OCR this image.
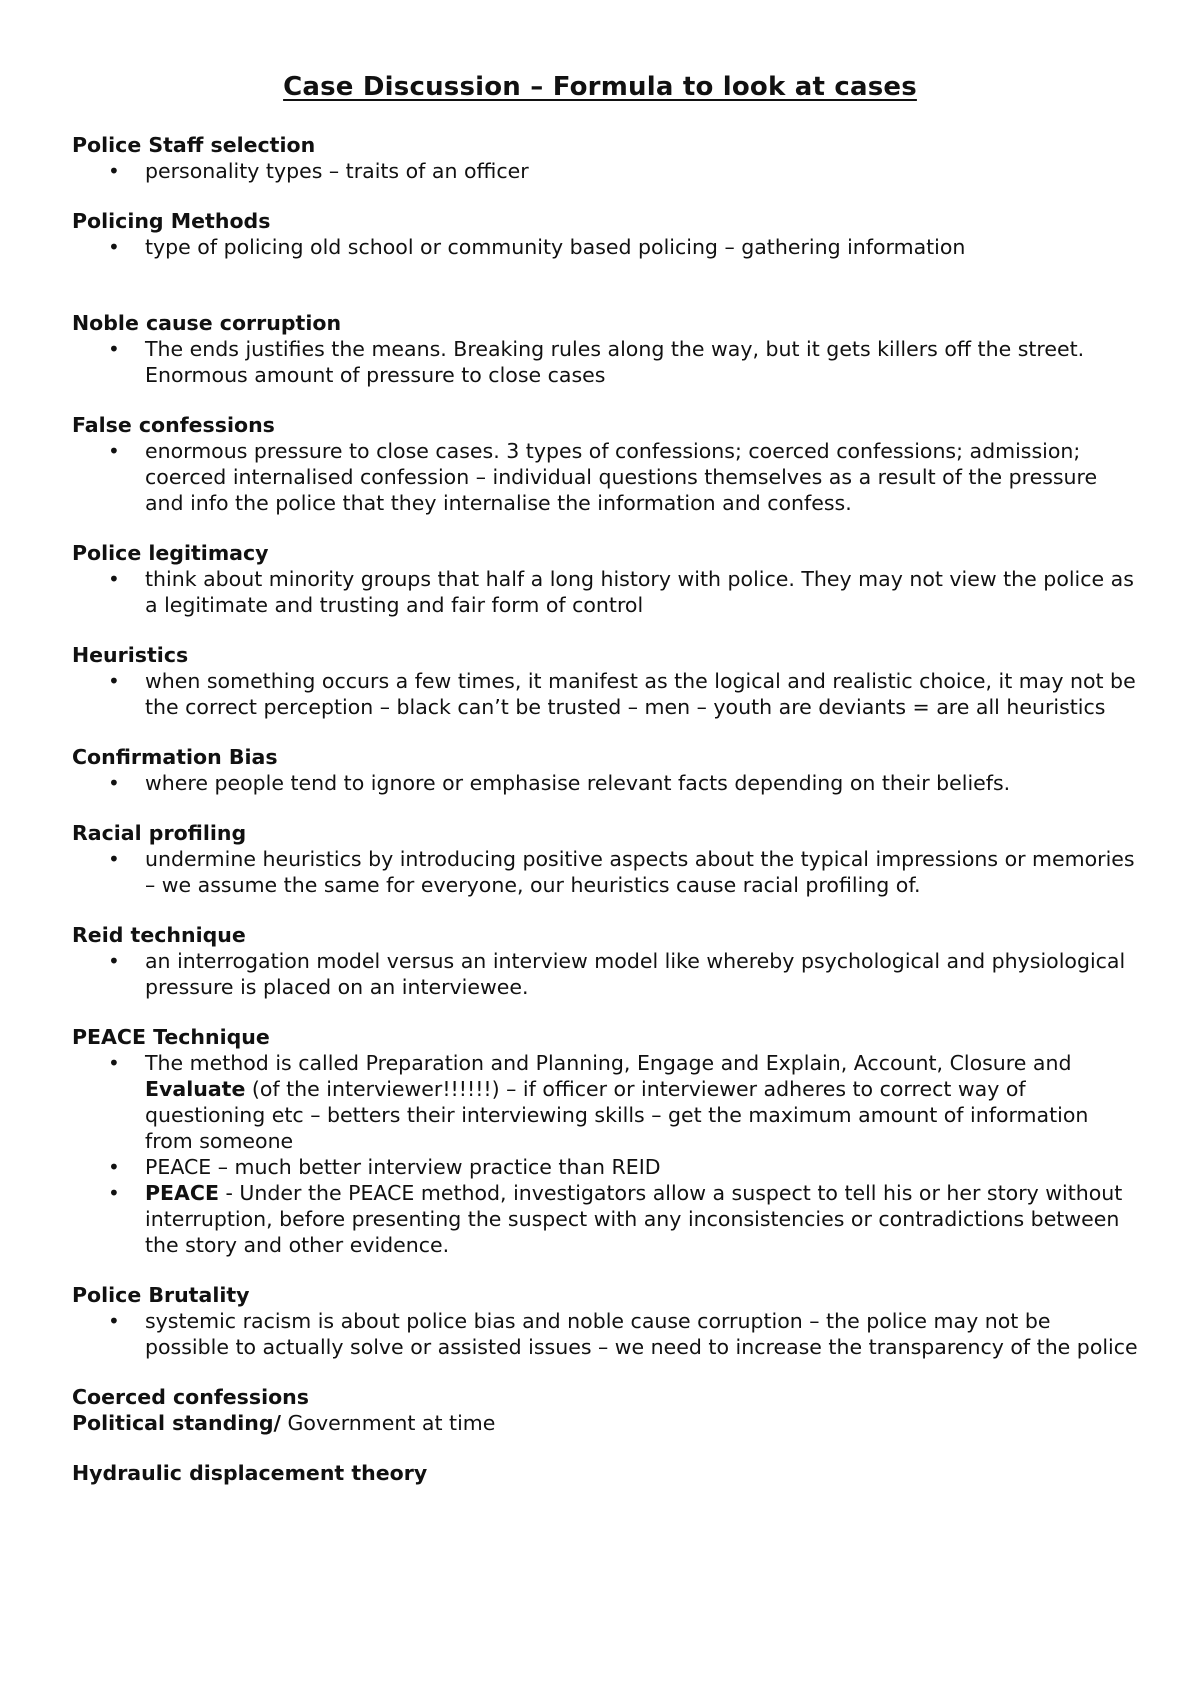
Case Discussion – Formula to look at cases

Police Staff selection

• personality types – traits of an officer

Policing Methods

• type of policing old school or community based policing – gathering information

Noble cause corruption

• The ends justifies the means. Breaking rules along the way, but it gets killers off the street. Enormous amount of pressure to close cases

False confessions

• enormous pressure to close cases. 3 types of confessions; coerced confessions; admission; coerced internalised confession – individual questions themselves as a result of the pressure and info the police that they internalise the information and confess.

Police legitimacy

• think about minority groups that half a long history with police. They may not view the police as a legitimate and trusting and fair form of control

Heuristics

• when something occurs a few times, it manifest as the logical and realistic choice, it may not be the correct perception – black can’t be trusted – men – youth are deviants = are all heuristics

Confirmation Bias

• where people tend to ignore or emphasise relevant facts depending on their beliefs.

Racial profiling

• undermine heuristics by introducing positive aspects about the typical impressions or memories – we assume the same for everyone, our heuristics cause racial profiling of.

Reid technique

• an interrogation model versus an interview model like whereby psychological and physiological pressure is placed on an interviewee.

PEACE Technique

• The method is called Preparation and Planning, Engage and Explain, Account, Closure and Evaluate (of the interviewer!!!!!!) – if officer or interviewer adheres to correct way of questioning etc – betters their interviewing skills – get the maximum amount of information from someone
• PEACE – much better interview practice than REID
• PEACE - Under the PEACE method, investigators allow a suspect to tell his or her story without interruption, before presenting the suspect with any inconsistencies or contradictions between the story and other evidence.

Police Brutality

• systemic racism is about police bias and noble cause corruption – the police may not be possible to actually solve or assisted issues – we need to increase the transparency of the police

Coerced confessions

Political standing/ Government at time

Hydraulic displacement theory
